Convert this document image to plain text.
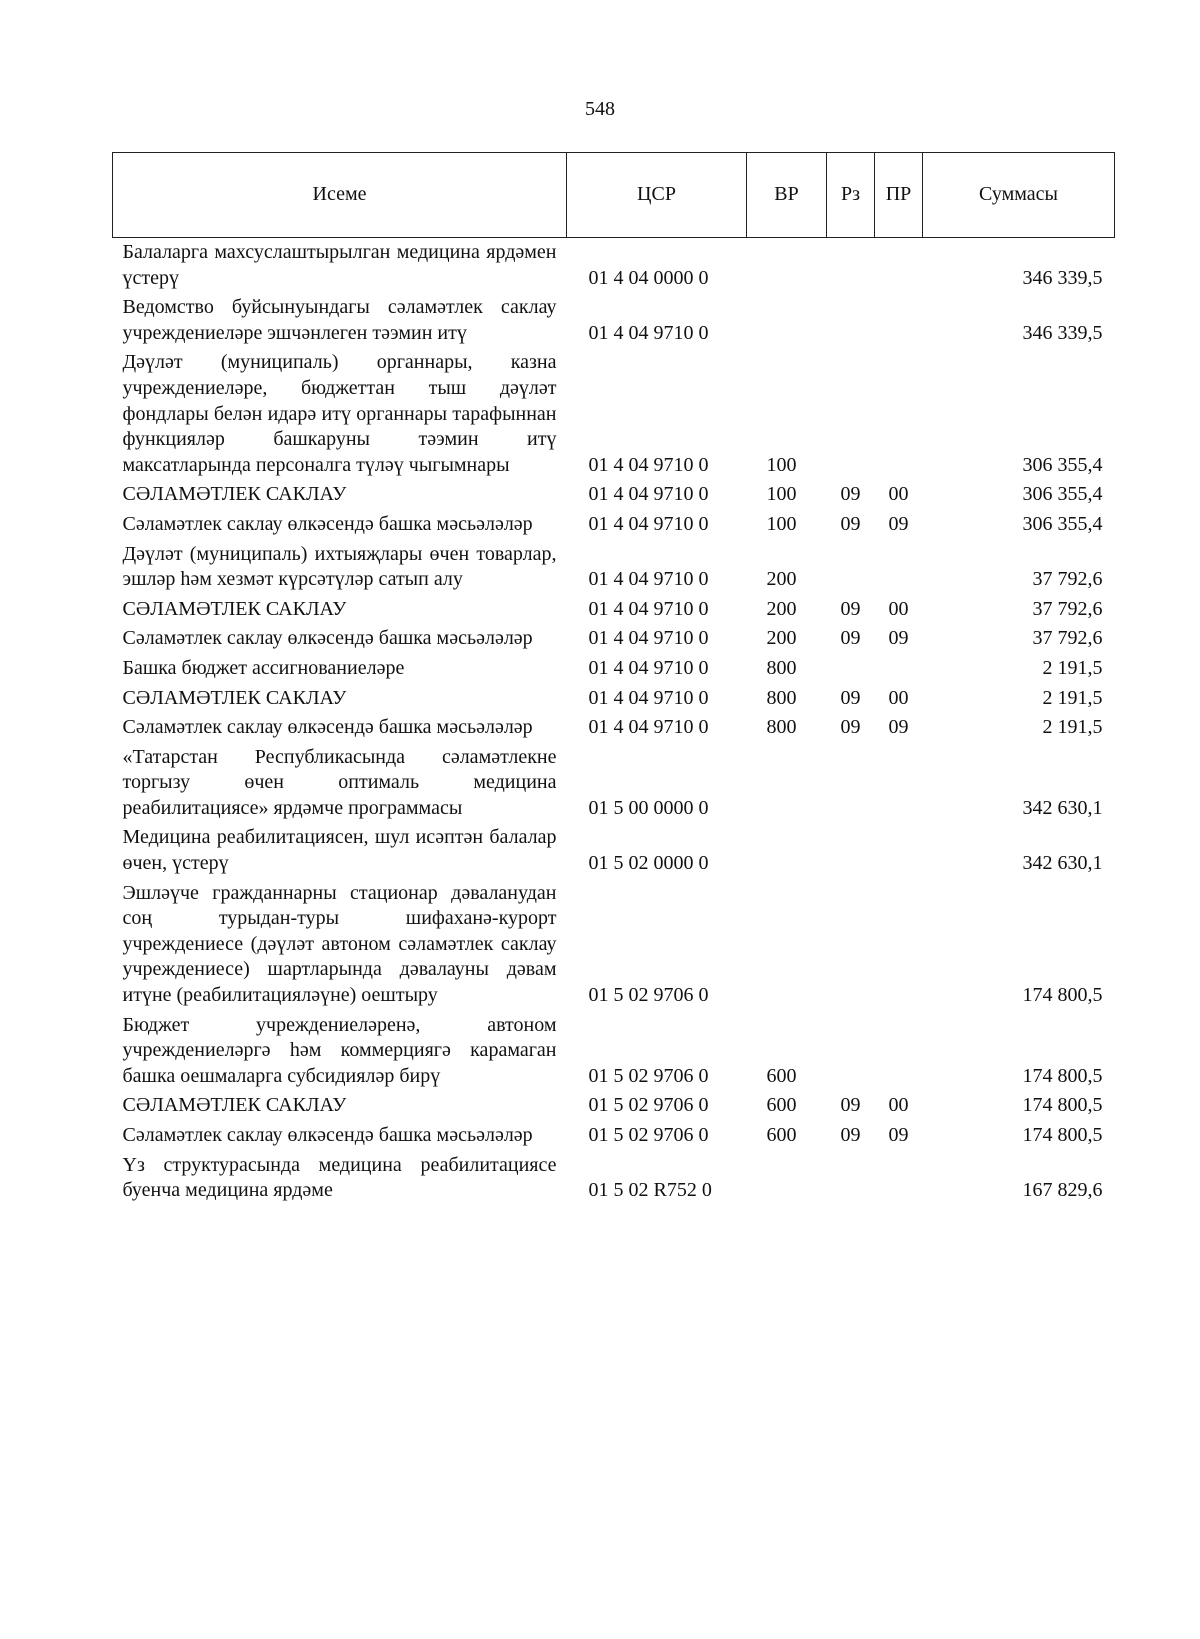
548
Исеме	ЦСР	ВР	Рз	ПР	Суммасы
Балаларга махсуслаштырылган медицина ярдәмен үстерү	01 4 04 0000 0				346 339,5
Ведомство буйсынуындагы сәламәтлек саклау учреждениеләре эшчәнлеген тәэмин итү	01 4 04 9710 0				346 339,5
Дәүләт (муниципаль) органнары, казна учреждениеләре, бюджеттан тыш дәүләт фондлары белән идарә итү органнары тарафыннан функцияләр башкаруны тәэмин итү максатларында персоналга түләү чыгымнары	01 4 04 9710 0	100			306 355,4
СӘЛАМӘТЛЕК САКЛАУ	01 4 04 9710 0	100	09	00	306 355,4
Сәламәтлек саклау өлкәсендә башка мәсьәләләр	01 4 04 9710 0	100	09	09	306 355,4
Дәүләт (муниципаль) ихтыяҗлары өчен товарлар, эшләр һәм хезмәт күрсәтүләр сатып алу	01 4 04 9710 0	200			37 792,6
СӘЛАМӘТЛЕК САКЛАУ	01 4 04 9710 0	200	09	00	37 792,6
Сәламәтлек саклау өлкәсендә башка мәсьәләләр	01 4 04 9710 0	200	09	09	37 792,6
Башка бюджет ассигнованиеләре	01 4 04 9710 0	800			2 191,5
СӘЛАМӘТЛЕК САКЛАУ	01 4 04 9710 0	800	09	00	2 191,5
Сәламәтлек саклау өлкәсендә башка мәсьәләләр	01 4 04 9710 0	800	09	09	2 191,5
«Татарстан Республикасында сәламәтлекне торгызу өчен оптималь медицина реабилитациясе» ярдәмче программасы	01 5 00 0000 0				342 630,1
Медицина реабилитациясен, шул исәптән балалар өчен, үстерү	01 5 02 0000 0				342 630,1
Эшләүче гражданнарны стационар дәваланудан соң турыдан-туры шифаханә-курорт учреждениесе (дәүләт автоном сәламәтлек саклау учреждениесе) шартларында дәвалауны дәвам итүне (реабилитацияләүне) оештыру	01 5 02 9706 0				174 800,5
Бюджет учреждениеләренә, автоном учреждениеләргә һәм коммерциягә карамаган башка оешмаларга субсидияләр бирү	01 5 02 9706 0	600			174 800,5
СӘЛАМӘТЛЕК САКЛАУ	01 5 02 9706 0	600	09	00	174 800,5
Сәламәтлек саклау өлкәсендә башка мәсьәләләр	01 5 02 9706 0	600	09	09	174 800,5
Үз структурасында медицина реабилитациясе буенча медицина ярдәме	01 5 02 R752 0				167 829,6
